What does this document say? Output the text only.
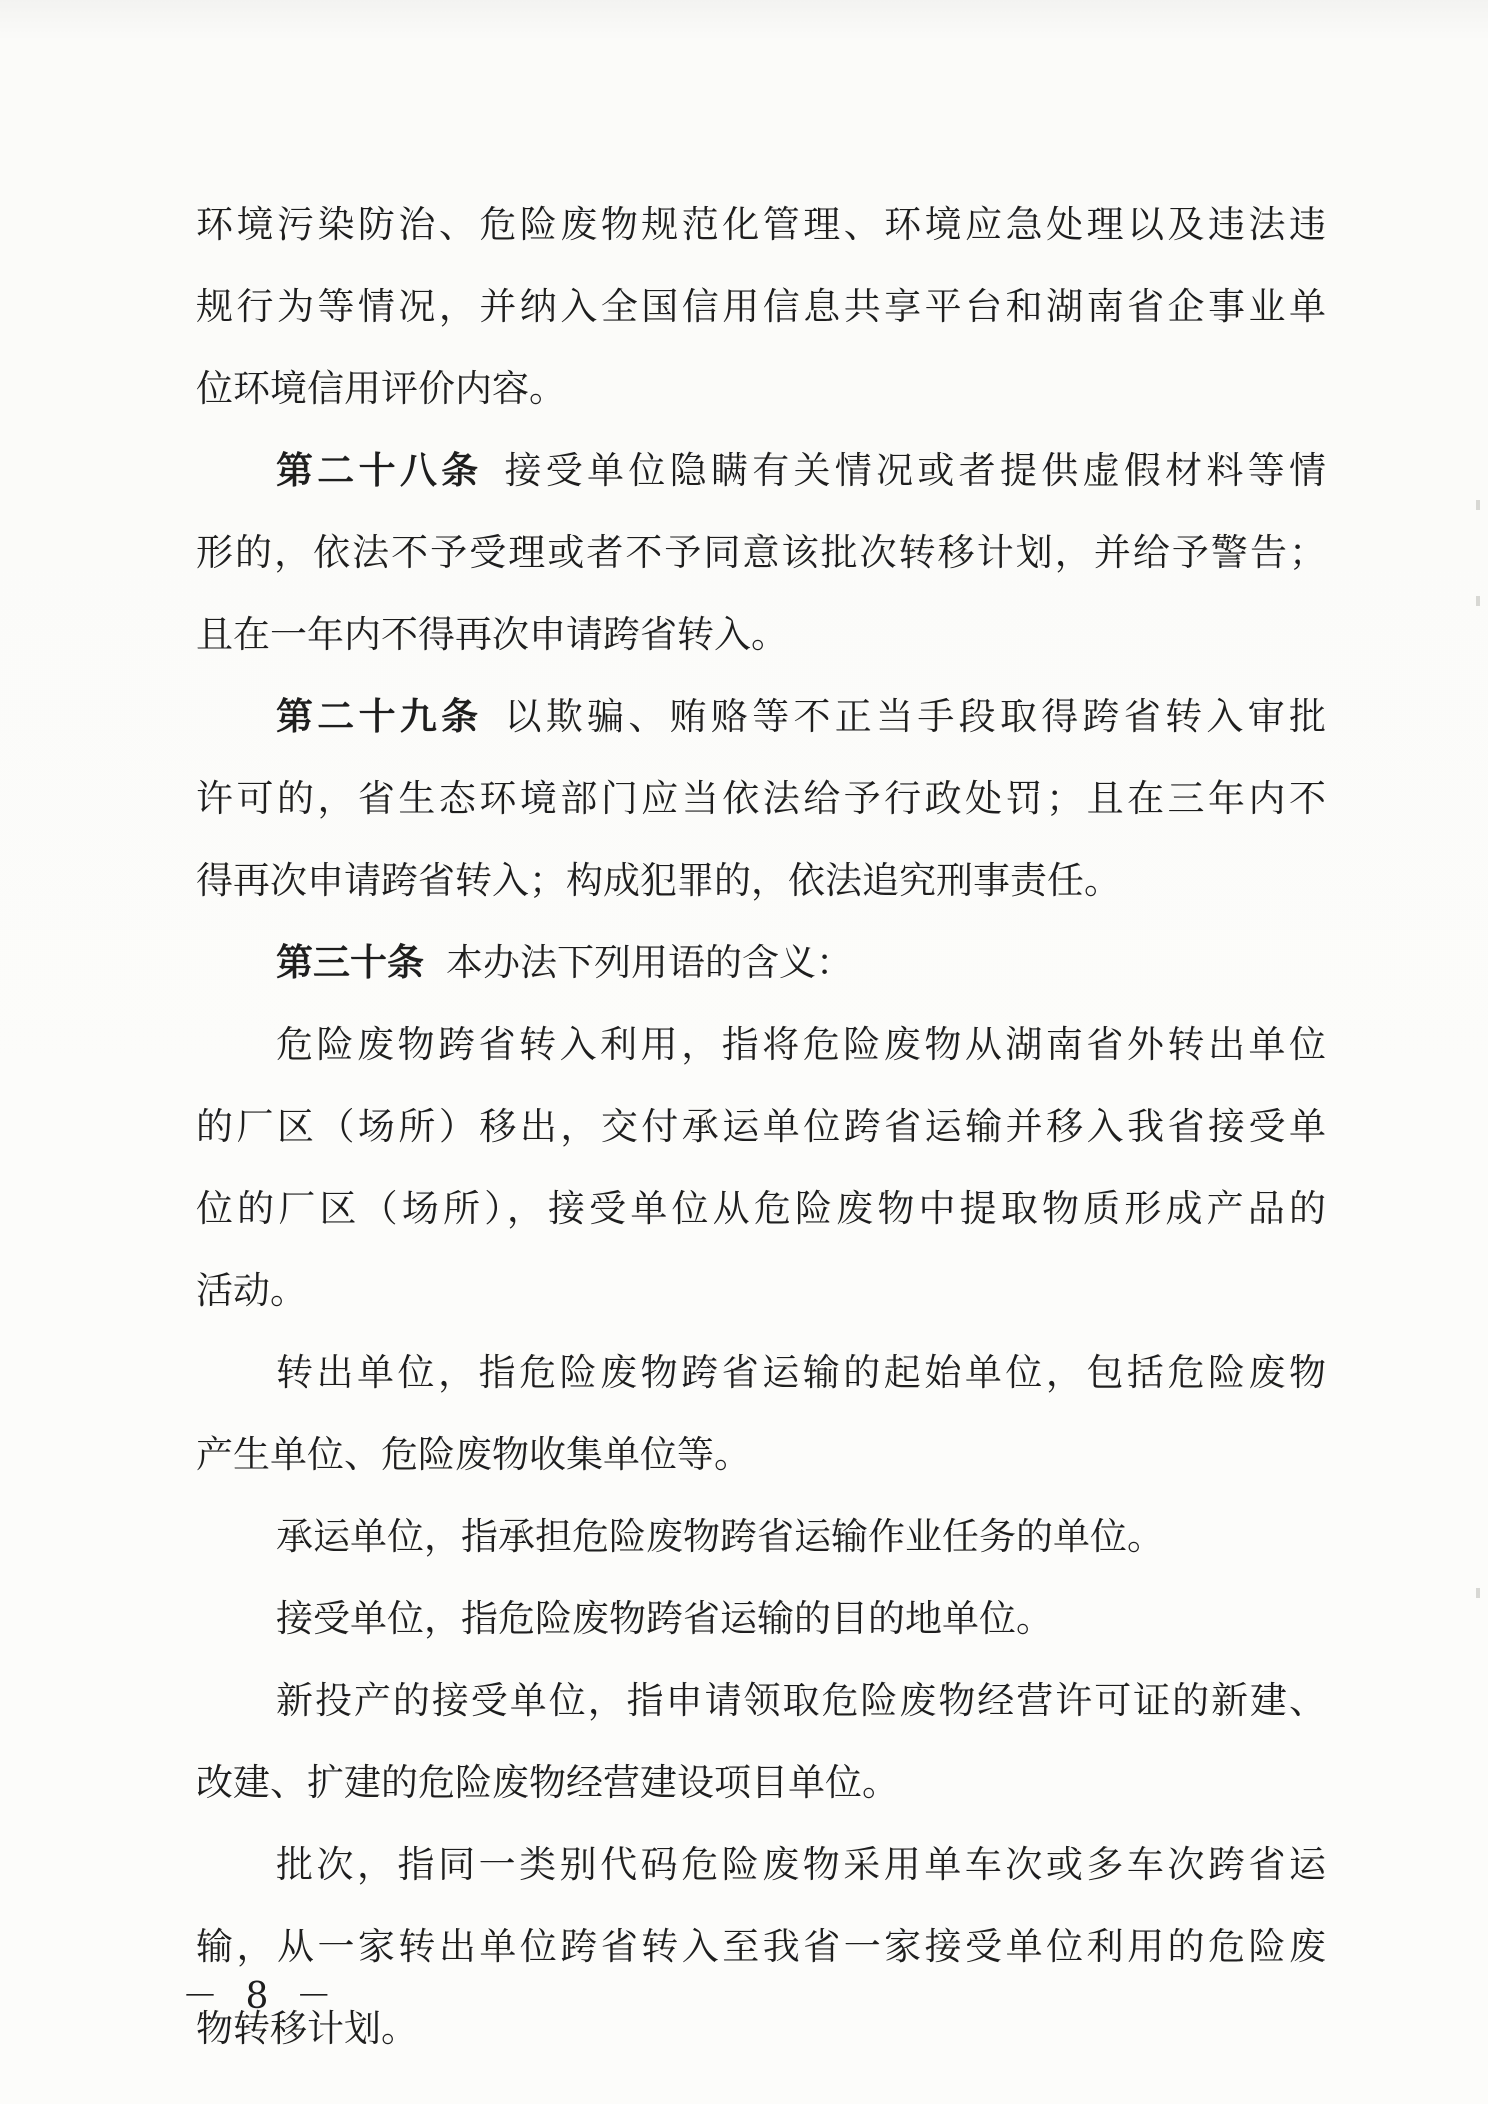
环境污染防治、危险废物规范化管理、环境应急处理以及违法违
规行为等情况，并纳入全国信用信息共享平台和湖南省企事业单
位环境信用评价内容。
第二十八条 接受单位隐瞒有关情况或者提供虚假材料等情
形的，依法不予受理或者不予同意该批次转移计划，并给予警告；
且在一年内不得再次申请跨省转入。
第二十九条 以欺骗、贿赂等不正当手段取得跨省转入审批
许可的，省生态环境部门应当依法给予行政处罚；且在三年内不
得再次申请跨省转入；构成犯罪的，依法追究刑事责任。
第三十条 本办法下列用语的含义：
危险废物跨省转入利用，指将危险废物从湖南省外转出单位
的厂区（场所）移出，交付承运单位跨省运输并移入我省接受单
位的厂区（场所），接受单位从危险废物中提取物质形成产品的
活动。
转出单位，指危险废物跨省运输的起始单位，包括危险废物
产生单位、危险废物收集单位等。
承运单位，指承担危险废物跨省运输作业任务的单位。
接受单位，指危险废物跨省运输的目的地单位。
新投产的接受单位，指申请领取危险废物经营许可证的新建、
改建、扩建的危险废物经营建设项目单位。
批次，指同一类别代码危险废物采用单车次或多车次跨省运
输，从一家转出单位跨省转入至我省一家接受单位利用的危险废
物转移计划。
－ 8 －
